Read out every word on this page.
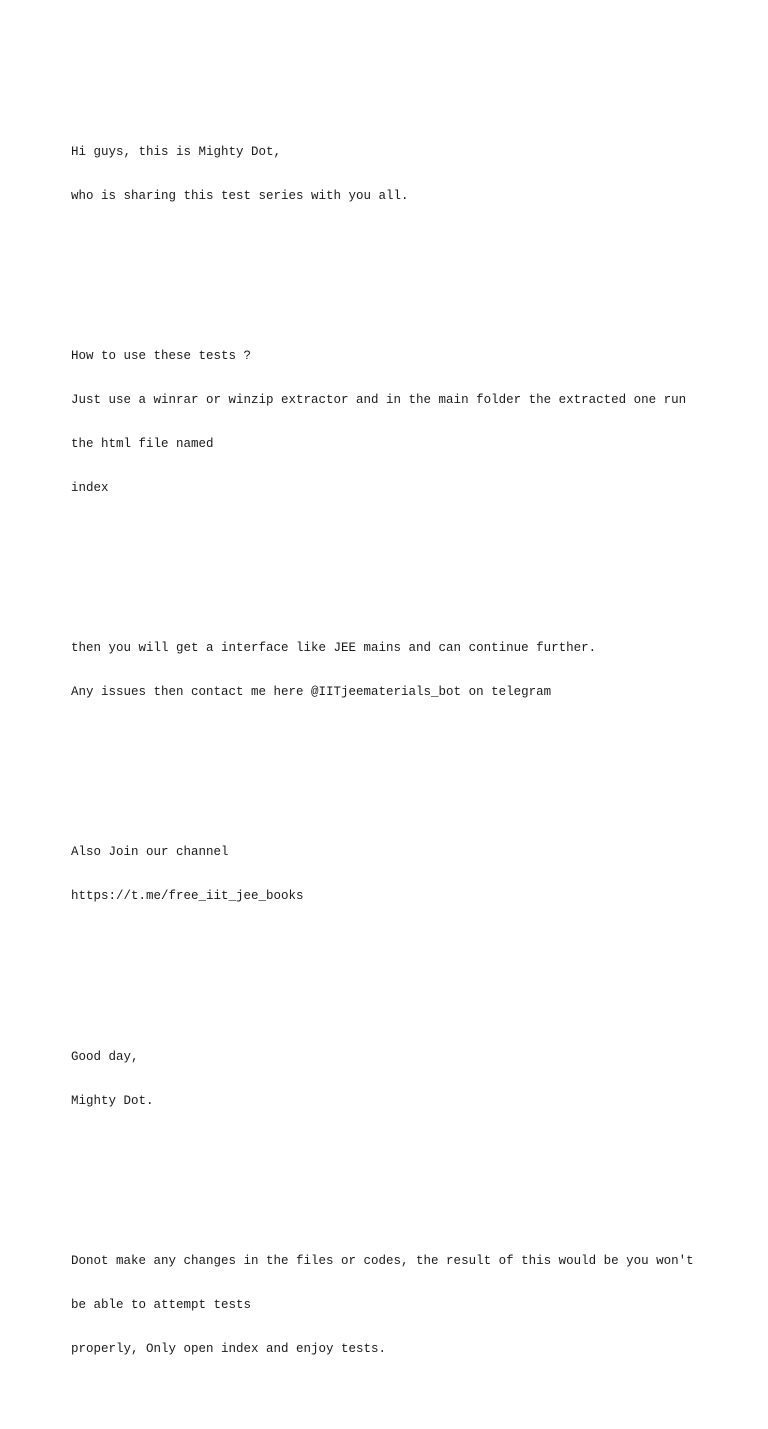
Hi guys, this is Mighty Dot,

who is sharing this test series with you all.

How to use these tests ?

Just use a winrar or winzip extractor and in the main folder the extracted one run

the html file named

index

then you will get a interface like JEE mains and can continue further.

Any issues then contact me here @IITjeematerials_bot on telegram

Also Join our channel

https://t.me/free_iit_jee_books

Good day,

Mighty Dot.

Donot make any changes in the files or codes, the result of this would be you won't

be able to attempt tests

properly, Only open index and enjoy tests.
